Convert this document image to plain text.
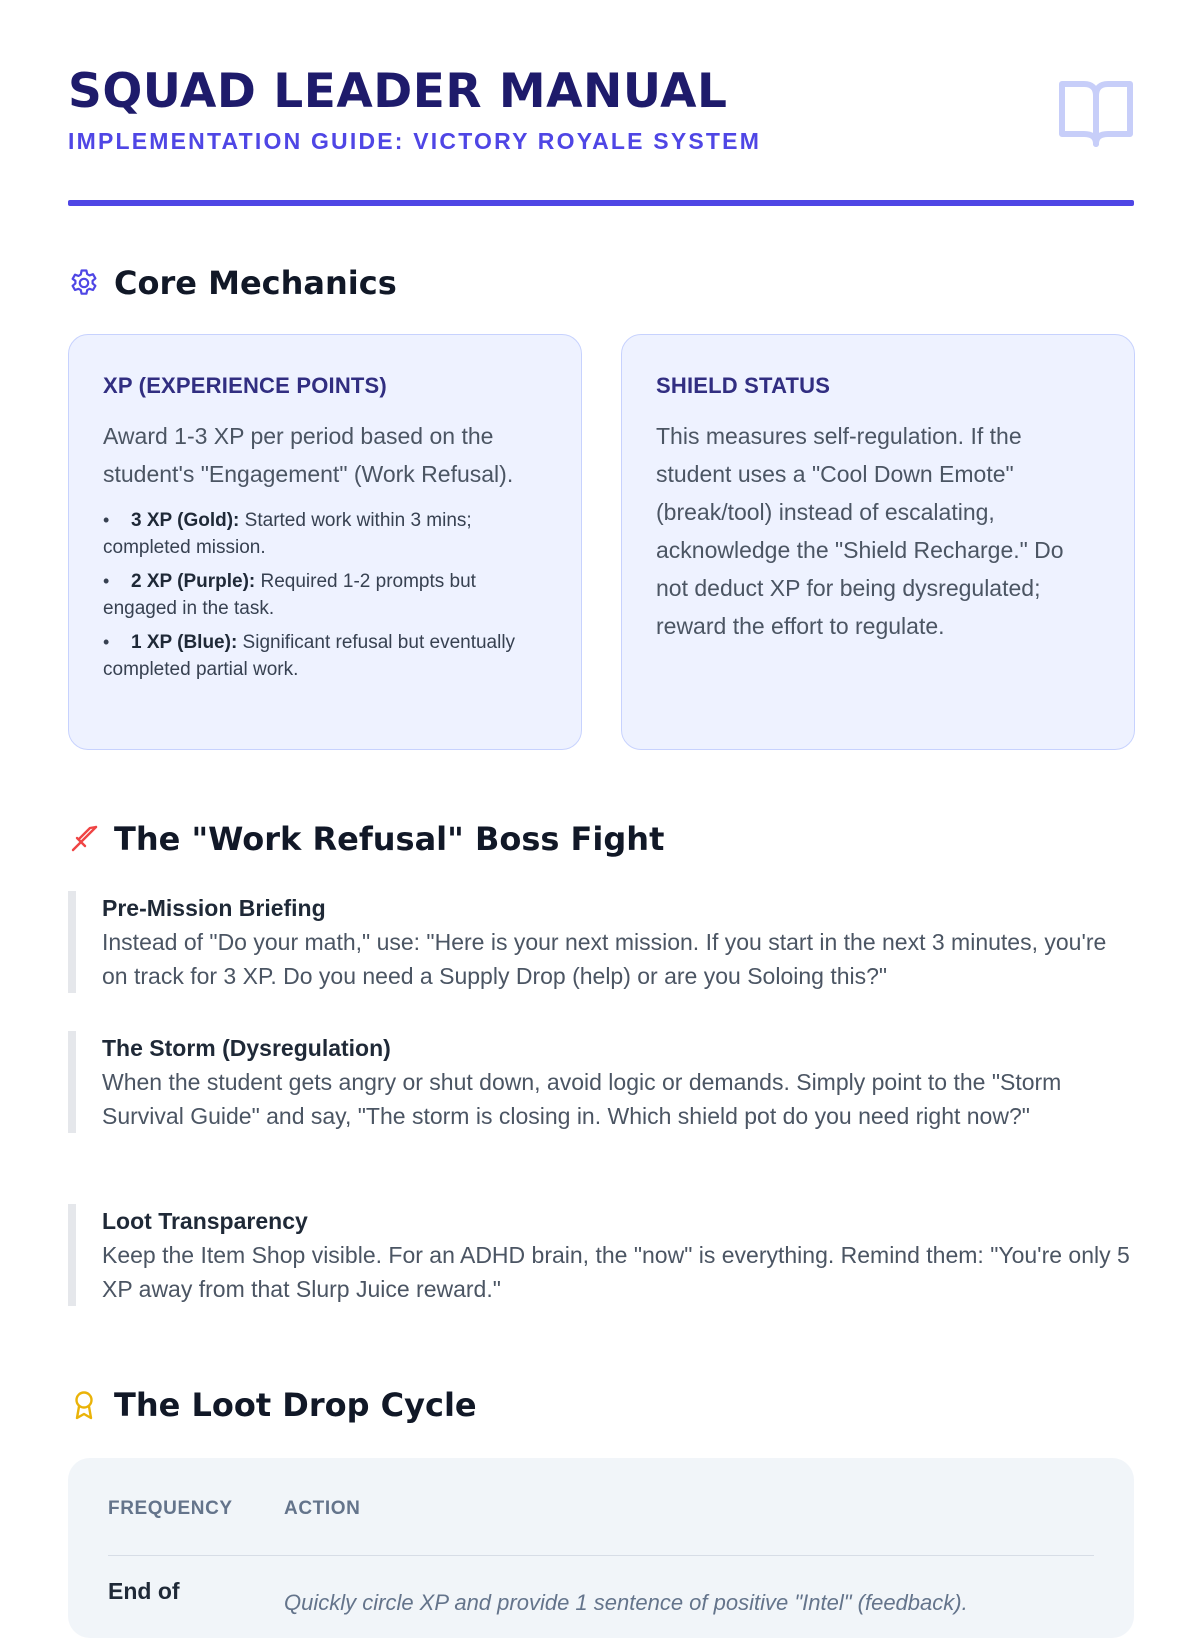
SQUAD LEADER MANUAL
IMPLEMENTATION GUIDE: VICTORY ROYALE SYSTEM
Core Mechanics
XP (EXPERIENCE POINTS)
Award 1-3 XP per period based on the student's "Engagement" (Work Refusal).
• 3 XP (Gold): Started work within 3 mins; completed mission.
• 2 XP (Purple): Required 1-2 prompts but engaged in the task.
• 1 XP (Blue): Significant refusal but eventually completed partial work.
SHIELD STATUS
This measures self-regulation. If the student uses a "Cool Down Emote" (break/tool) instead of escalating, acknowledge the "Shield Recharge." Do not deduct XP for being dysregulated; reward the effort to regulate.
The "Work Refusal" Boss Fight
Pre-Mission Briefing
Instead of "Do your math," use: "Here is your next mission. If you start in the next 3 minutes, you're on track for 3 XP. Do you need a Supply Drop (help) or are you Soloing this?"
The Storm (Dysregulation)
When the student gets angry or shut down, avoid logic or demands. Simply point to the "Storm Survival Guide" and say, "The storm is closing in. Which shield pot do you need right now?"
Loot Transparency
Keep the Item Shop visible. For an ADHD brain, the "now" is everything. Remind them: "You're only 5 XP away from that Slurp Juice reward."
The Loot Drop Cycle
FREQUENCY	ACTION
End of	Quickly circle XP and provide 1 sentence of positive "Intel" (feedback).
